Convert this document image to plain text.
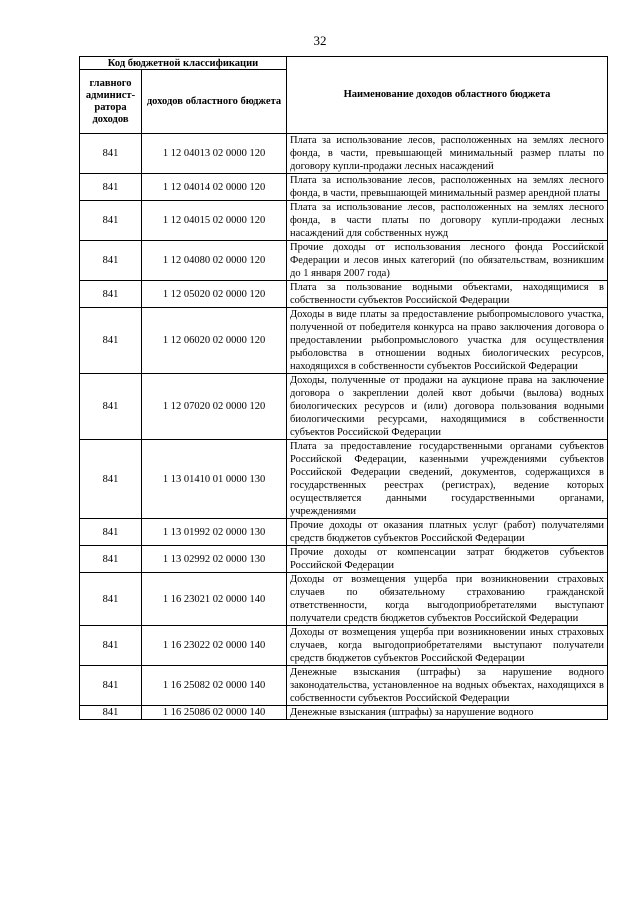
32
Код бюджетной классификации		Наименование доходов областного бюджета
главного админист-ратора доходов	доходов областного бюджета	
841	1 12 04013 02 0000 120	Плата за использование лесов, расположенных на землях лесного фонда, в части, превышающей минимальный размер платы по договору купли-продажи лесных насаждений
841	1 12 04014 02 0000 120	Плата за использование лесов, расположенных на землях лесного фонда, в части, превышающей минимальный размер арендной платы
841	1 12 04015 02 0000 120	Плата за использование лесов, расположенных на землях лесного фонда, в части платы по договору купли-продажи лесных насаждений для собственных нужд
841	1 12 04080 02 0000 120	Прочие доходы от использования лесного фонда Российской Федерации и лесов иных категорий (по обязательствам, возникшим до 1 января 2007 года)
841	1 12 05020 02 0000 120	Плата за пользование водными объектами, находящимися в собственности субъектов Российской Федерации
841	1 12 06020 02 0000 120	Доходы в виде платы за предоставление рыбопромыслового участка, полученной от победителя конкурса на право заключения договора о предоставлении рыбопромыслового участка для осуществления рыболовства в отношении водных биологических ресурсов, находящихся в собственности субъектов Российской Федерации
841	1 12 07020 02 0000 120	Доходы, полученные от продажи на аукционе права на заключение договора о закреплении долей квот добычи (вылова) водных биологических ресурсов и (или) договора пользования водными биологическими ресурсами, находящимися в собственности субъектов Российской Федерации
841	1 13 01410 01 0000 130	Плата за предоставление государственными органами субъектов Российской Федерации, казенными учреждениями субъектов Российской Федерации сведений, документов, содержащихся в государственных реестрах (регистрах), ведение которых осуществляется данными государственными органами, учреждениями
841	1 13 01992 02 0000 130	Прочие доходы от оказания платных услуг (работ) получателями средств бюджетов субъектов Российской Федерации
841	1 13 02992 02 0000 130	Прочие доходы от компенсации затрат бюджетов субъектов Российской Федерации
841	1 16 23021 02 0000 140	Доходы от возмещения ущерба при возникновении страховых случаев по обязательному страхованию гражданской ответственности, когда выгодоприобретателями выступают получатели средств бюджетов субъектов Российской Федерации
841	1 16 23022 02 0000 140	Доходы от возмещения ущерба при возникновении иных страховых случаев, когда выгодоприобретателями выступают получатели средств бюджетов субъектов Российской Федерации
841	1 16 25082 02 0000 140	Денежные взыскания (штрафы) за нарушение водного законодательства, установленное на водных объектах, находящихся в собственности субъектов Российской Федерации
841	1 16 25086 02 0000 140	Денежные взыскания (штрафы) за нарушение водного
